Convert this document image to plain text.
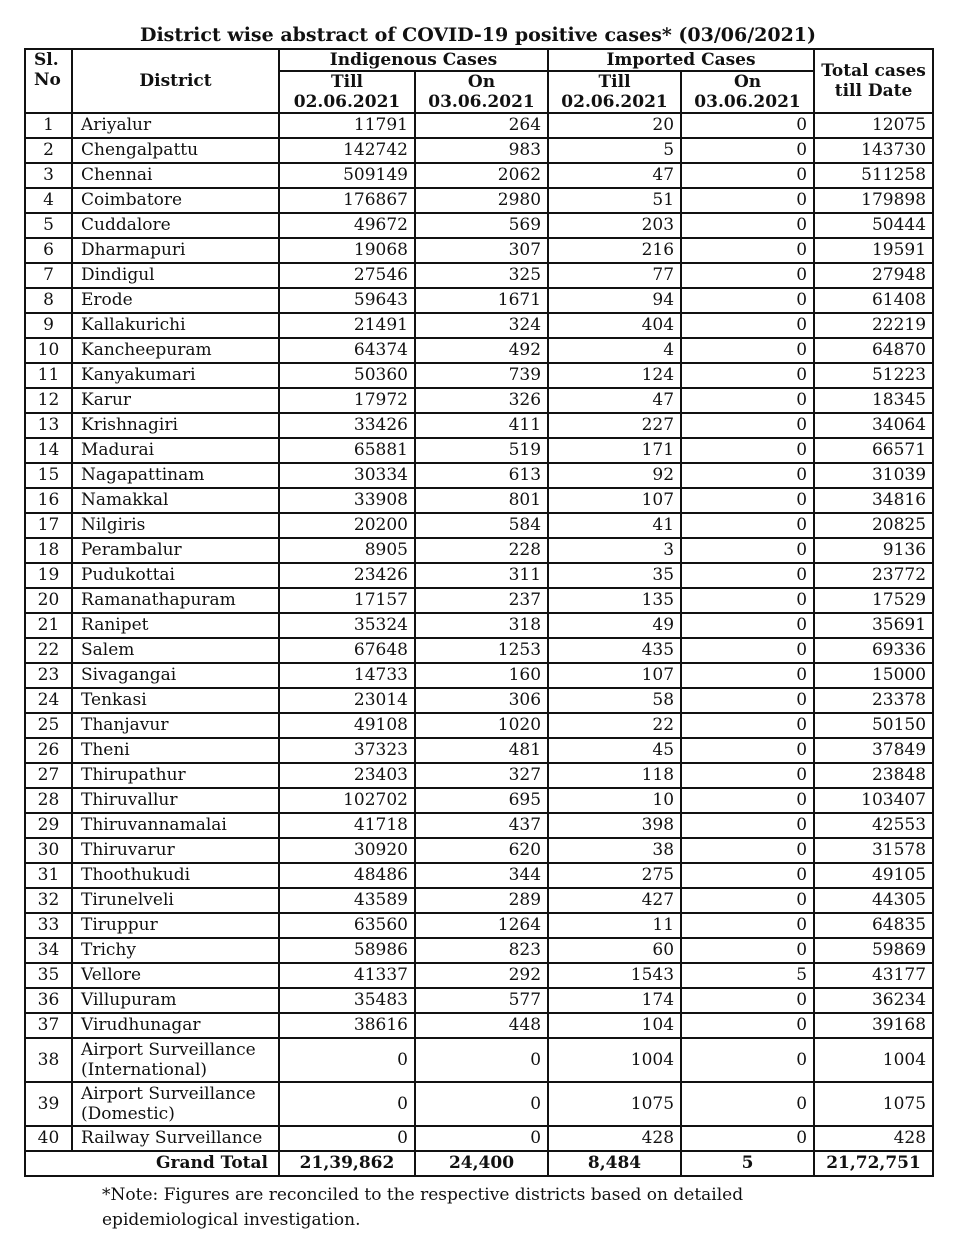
District wise abstract of COVID-19 positive cases* (03/06/2021)
Sl. No	District	Indigenous Cases		Imported Cases		Total cases till Date
		Till 02.06.2021	On 03.06.2021	Till 02.06.2021	On 03.06.2021	
1	Ariyalur	11791	264	20	0	12075
2	Chengalpattu	142742	983	5	0	143730
3	Chennai	509149	2062	47	0	511258
4	Coimbatore	176867	2980	51	0	179898
5	Cuddalore	49672	569	203	0	50444
6	Dharmapuri	19068	307	216	0	19591
7	Dindigul	27546	325	77	0	27948
8	Erode	59643	1671	94	0	61408
9	Kallakurichi	21491	324	404	0	22219
10	Kancheepuram	64374	492	4	0	64870
11	Kanyakumari	50360	739	124	0	51223
12	Karur	17972	326	47	0	18345
13	Krishnagiri	33426	411	227	0	34064
14	Madurai	65881	519	171	0	66571
15	Nagapattinam	30334	613	92	0	31039
16	Namakkal	33908	801	107	0	34816
17	Nilgiris	20200	584	41	0	20825
18	Perambalur	8905	228	3	0	9136
19	Pudukottai	23426	311	35	0	23772
20	Ramanathapuram	17157	237	135	0	17529
21	Ranipet	35324	318	49	0	35691
22	Salem	67648	1253	435	0	69336
23	Sivagangai	14733	160	107	0	15000
24	Tenkasi	23014	306	58	0	23378
25	Thanjavur	49108	1020	22	0	50150
26	Theni	37323	481	45	0	37849
27	Thirupathur	23403	327	118	0	23848
28	Thiruvallur	102702	695	10	0	103407
29	Thiruvannamalai	41718	437	398	0	42553
30	Thiruvarur	30920	620	38	0	31578
31	Thoothukudi	48486	344	275	0	49105
32	Tirunelveli	43589	289	427	0	44305
33	Tiruppur	63560	1264	11	0	64835
34	Trichy	58986	823	60	0	59869
35	Vellore	41337	292	1543	5	43177
36	Villupuram	35483	577	174	0	36234
37	Virudhunagar	38616	448	104	0	39168
38	Airport Surveillance (International)	0	0	1004	0	1004
39	Airport Surveillance (Domestic)	0	0	1075	0	1075
40	Railway Surveillance	0	0	428	0	428
Grand Total		21,39,862	24,400	8,484	5	21,72,751
*Note: Figures are reconciled to the respective districts based on detailed epidemiological investigation.
